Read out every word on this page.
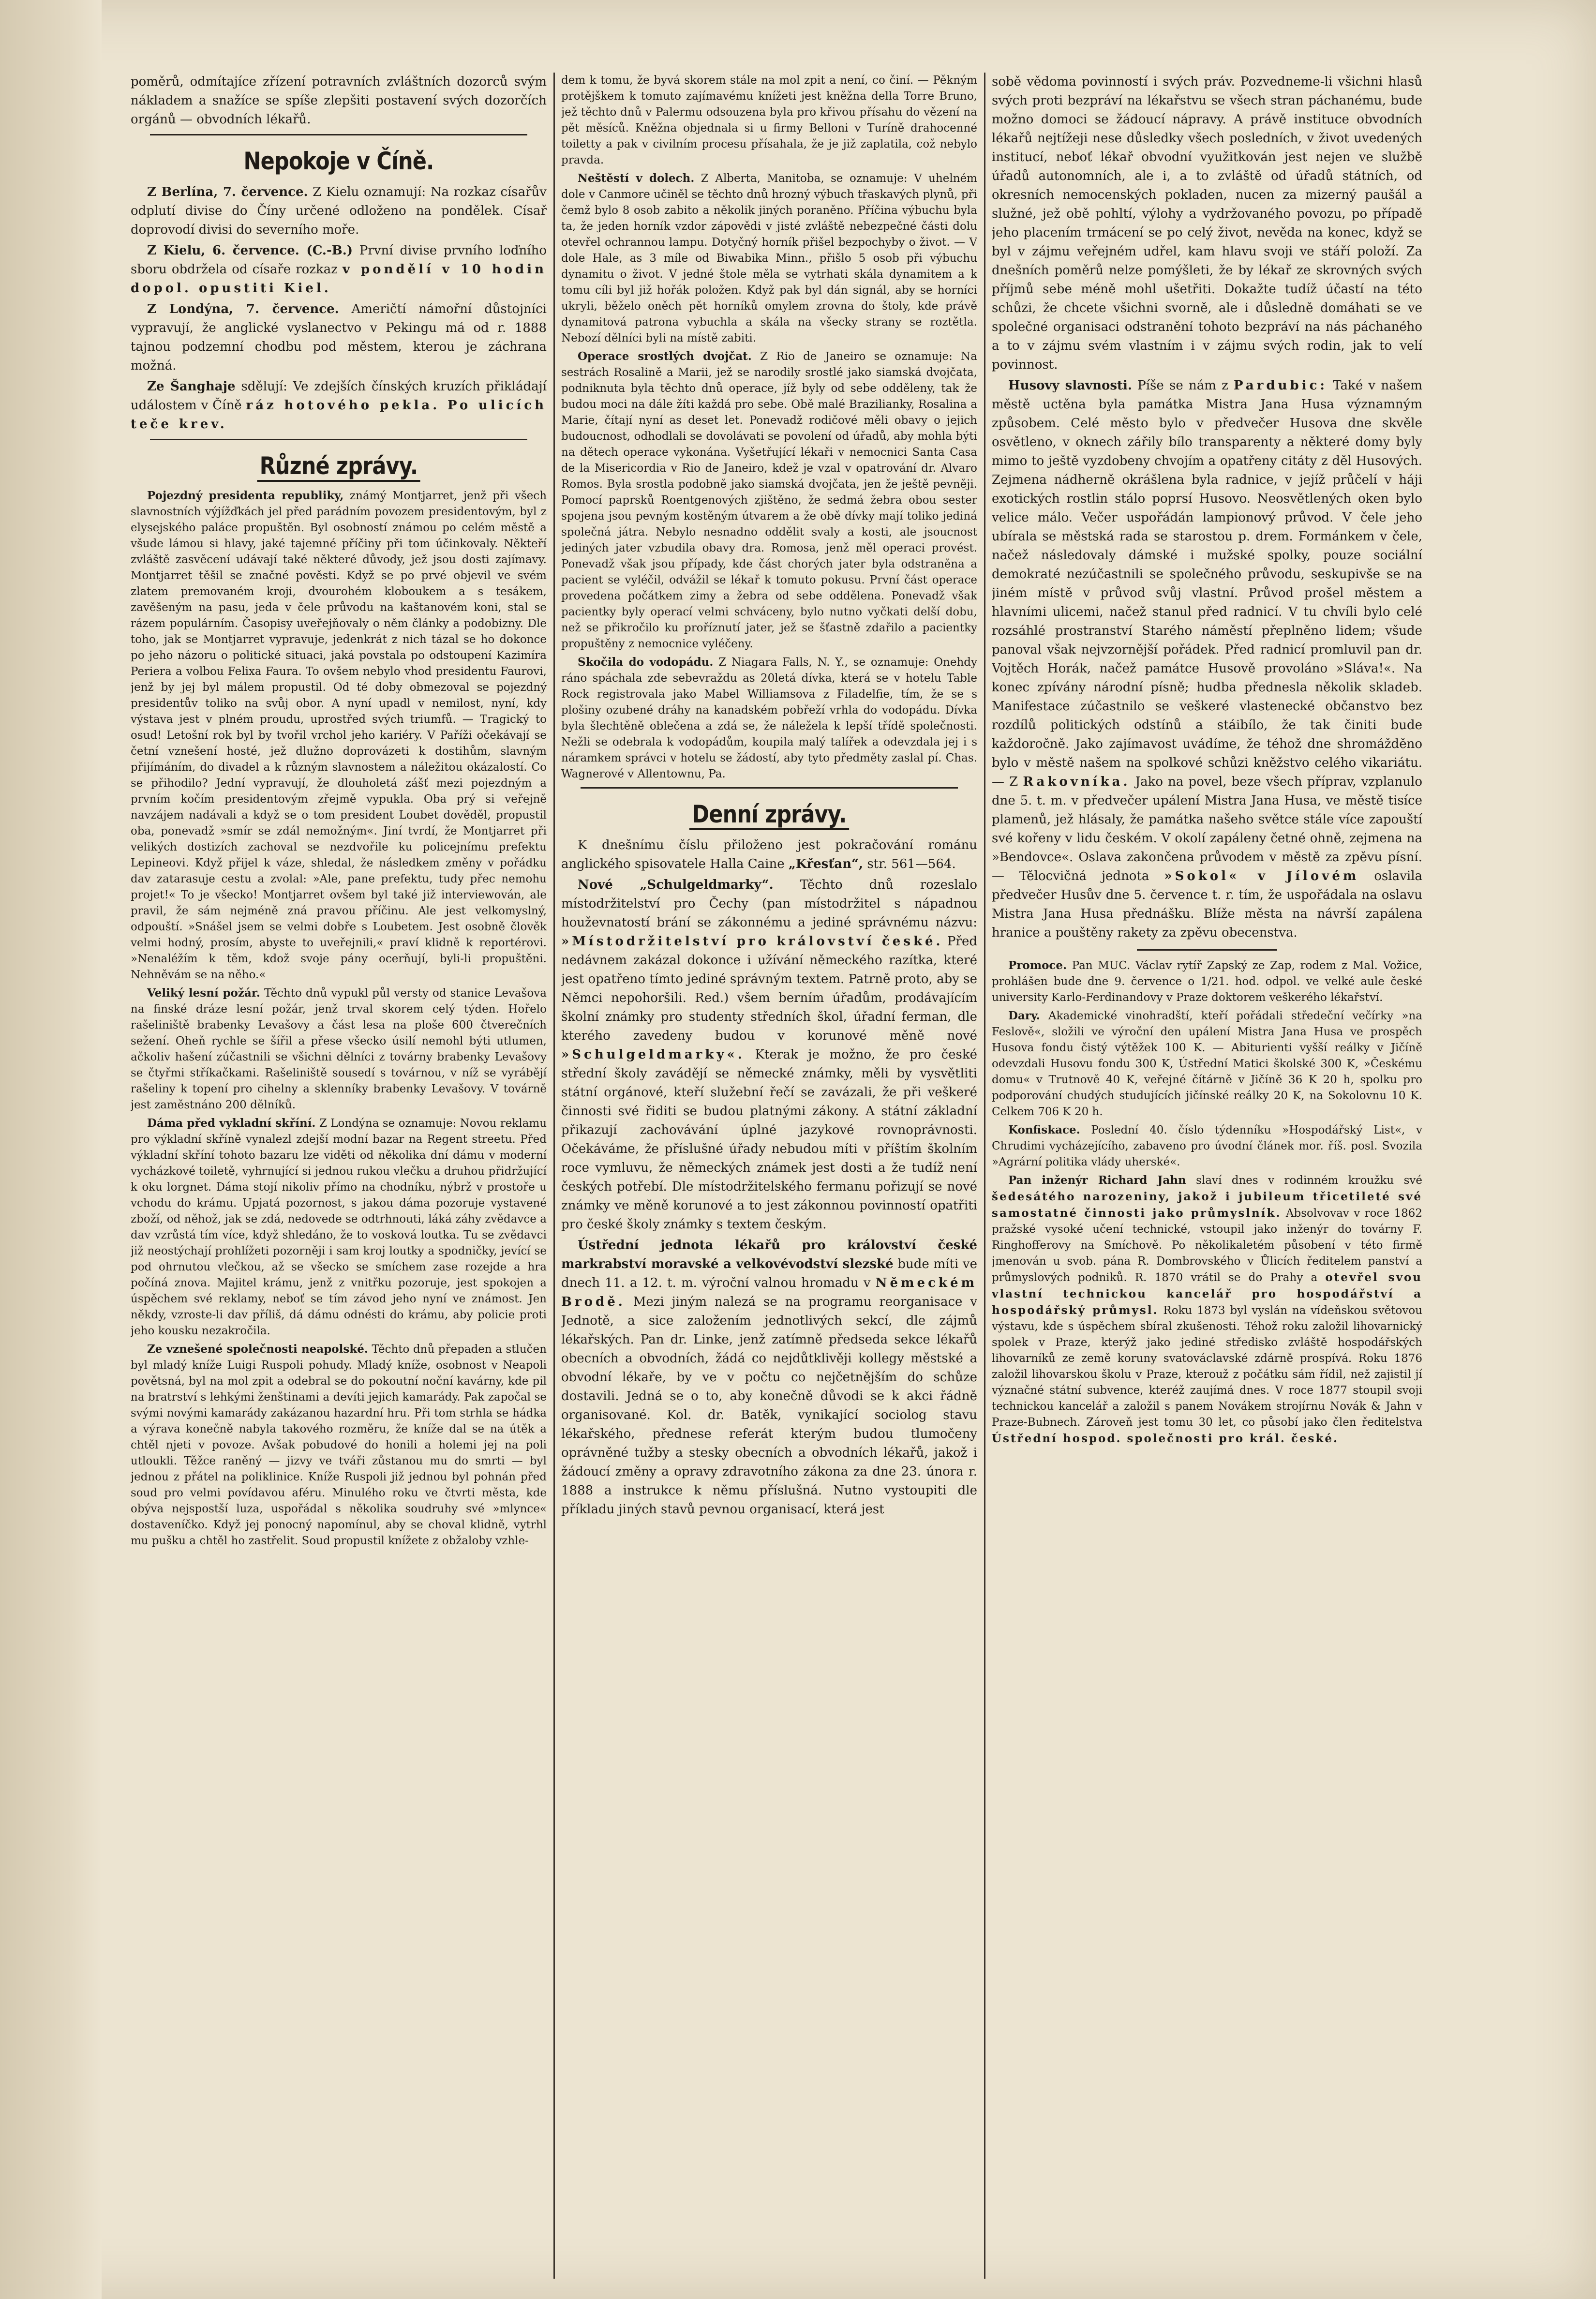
poměrů, odmítajíce zřízení potravních zvláštních dozorců svým nákladem a snažíce se spíše zlepšiti postavení svých dozorčích orgánů — obvodních lékařů.

Nepokoje v Číně.

Z Berlína, 7. července. Z Kielu oznamují: Na rozkaz císařův odplutí divise do Číny určené odloženo na pondělek. Císař doprovodí divisi do severního moře.

Z Kielu, 6. července. (C.-B.) První divise prvního loďního sboru obdržela od císaře rozkaz v pondělí v 10 hodin dopol. opustiti Kiel.

Z Londýna, 7. července. Američtí námořní důstojníci vypravují, že anglické vyslanectvo v Pekingu má od r. 1888 tajnou podzemní chodbu pod městem, kterou je záchrana možná.

Ze Šanghaje sdělují: Ve zdejších čínských kruzích přikládají událostem v Číně ráz hotového pekla. Po ulicích teče krev.

Různé zprávy.

Pojezdný presidenta republiky, známý Montjarret, jenž při všech slavnostních výjížďkách jel před parádním povozem presidentovým, byl z elysejského paláce propuštěn. Byl osobností známou po celém městě a všude lámou si hlavy, jaké tajemné příčiny při tom účinkovaly. Někteří zvláště zasvěcení udávají také některé důvody, jež jsou dosti zajímavy. Montjarret těšil se značné pověsti. Když se po prvé objevil ve svém zlatem premovaném kroji, dvourohém kloboukem a s tesákem, zavěšeným na pasu, jeda v čele průvodu na kaštanovém koni, stal se rázem populárním. Časopisy uveřejňovaly o něm články a podobizny. Dle toho, jak se Montjarret vypravuje, jedenkrát z nich tázal se ho dokonce po jeho názoru o politické situaci, jaká povstala po odstoupení Kazimíra Periera a volbou Felixa Faura. To ovšem nebylo vhod presidentu Faurovi, jenž by jej byl málem propustil. Od té doby obmezoval se pojezdný presidentův toliko na svůj obor. A nyní upadl v nemilost, nyní, kdy výstava jest v plném proudu, uprostřed svých triumfů. — Tragický to osud! Letošní rok byl by tvořil vrchol jeho kariéry. V Paříži očekávají se četní vznešení hosté, jež dlužno doprovázeti k dostihům, slavným přijímáním, do divadel a k různým slavnostem a náležitou okázalostí. Co se přihodilo? Jední vypravují, že dlouholetá zášť mezi pojezdným a prvním kočím presidentovým zřejmě vypukla. Oba prý si veřejně navzájem nadávali a když se o tom president Loubet dověděl, propustil oba, ponevadž »smír se zdál nemožným«. Jiní tvrdí, že Montjarret při velikých dostizích zachoval se nezdvořile ku policejnímu prefektu Lepineovi. Když přijel k váze, shledal, že následkem změny v pořádku dav zatarasuje cestu a zvolal: »Ale, pane prefektu, tudy přec nemohu projet!« To je všecko! Montjarret ovšem byl také již interviewován, ale pravil, že sám nejméně zná pravou příčinu. Ale jest velkomyslný, odpouští. »Snášel jsem se velmi dobře s Loubetem. Jest osobně člověk velmi hodný, prosím, abyste to uveřejnili,« praví klidně k reportérovi. »Nenaléžím k těm, kdož svoje pány ocerňují, byli-li propuštěni. Nehněvám se na něho.«

Veliký lesní požár. Těchto dnů vypukl půl versty od stanice Levašova na finské dráze lesní požár, jenž trval skorem celý týden. Hořelo rašeliniště brabenky Levašovy a část lesa na ploše 600 čtverečních sežení. Oheň rychle se šířil a přese všecko úsilí nemohl býti utlumen, ačkoliv hašení zúčastnili se všichni dělníci z továrny brabenky Levašovy se čtyřmi stříkačkami. Rašeliniště sousedí s továrnou, v níž se vyrábějí rašeliny k topení pro cihelny a sklenníky brabenky Levašovy. V továrně jest zaměstnáno 200 dělníků.

Dáma před vykladní skříní. Z Londýna se oznamuje: Novou reklamu pro výkladní skříně vynalezl zdejší modní bazar na Regent streetu. Před výkladní skříní tohoto bazaru lze viděti od několika dní dámu v moderní vycházkové toiletě, vyhrnující si jednou rukou vlečku a druhou přidržující k oku lorgnet. Dáma stojí nikoliv přímo na chodníku, nýbrž v prostoře u vchodu do krámu. Upjatá pozornost, s jakou dáma pozoruje vystavené zboží, od něhož, jak se zdá, nedovede se odtrhnouti, láká záhy zvědavce a dav vzrůstá tím více, když shledáno, že to vosková loutka. Tu se zvědavci již neostýchají prohlížeti pozorněji i sam kroj loutky a spodničky, jevící se pod ohrnutou vlečkou, až se všecko se smíchem zase rozejde a hra počíná znova. Majitel krámu, jenž z vnitřku pozoruje, jest spokojen a úspěchem své reklamy, neboť se tím závod jeho nyní ve známost. Jen někdy, vzroste-li dav příliš, dá dámu odnésti do krámu, aby policie proti jeho kousku nezakročila.

Ze vznešené společnosti neapolské. Těchto dnů přepaden a stlučen byl mladý kníže Luigi Ruspoli pohudy. Mladý kníže, osobnost v Neapoli povětsná, byl na mol zpit a odebral se do pokoutní noční kavárny, kde pil na bratrství s lehkými ženštinami a devíti jejich kamarády. Pak započal se svými novými kamarády zakázanou hazardní hru. Při tom strhla se hádka a výrava konečně nabyla takového rozměru, že kníže dal se na útěk a chtěl njeti v povoze. Avšak pobudové do honili a holemi jej na poli utloukli. Těžce raněný — jizvy ve tváři zůstanou mu do smrti — byl jednou z přátel na poliklinice. Kníže Ruspoli již jednou byl pohnán před soud pro velmi povídavou aféru. Minulého roku ve čtvrti města, kde obýva nejspostší luza, uspořádal s několika soudruhy své »mlynce« dostaveníčko. Když jej ponocný napomínul, aby se choval klidně, vytrhl mu pušku a chtěl ho zastřelit. Soud propustil knížete z obžaloby vzhle-

dem k tomu, že byvá skorem stále na mol zpit a není, co činí. — Pěkným protějškem k tomuto zajímavému knížeti jest kněžna della Torre Bruno, jež těchto dnů v Palermu odsouzena byla pro křivou přísahu do vězení na pět měsíců. Kněžna objednala si u firmy Belloni v Turíně drahocenné toiletty a pak v civilním procesu přísahala, že je již zaplatila, což nebylo pravda.

Neštěstí v dolech. Z Alberta, Manitoba, se oznamuje: V uhelném dole v Canmore učiněl se těchto dnů hrozný výbuch třaskavých plynů, při čemž bylo 8 osob zabito a několik jiných poraněno. Příčina výbuchu byla ta, že jeden horník vzdor zápovědi v jisté zvláště nebezpečné části dolu otevřel ochrannou lampu. Dotyčný horník přišel bezpochyby o život. — V dole Hale, as 3 míle od Biwabika Minn., přišlo 5 osob při výbuchu dynamitu o život. V jedné štole měla se vytrhati skála dynamitem a k tomu cíli byl již hořák položen. Když pak byl dán signál, aby se horníci ukryli, běželo oněch pět horníků omylem zrovna do štoly, kde právě dynamitová patrona vybuchla a skála na všecky strany se roztětla. Nebozí dělníci byli na místě zabiti.

Operace srostlých dvojčat. Z Rio de Janeiro se oznamuje: Na sestrách Rosalině a Marii, jež se narodily srostlé jako siamská dvojčata, podniknuta byla těchto dnů operace, jíž byly od sebe odděleny, tak že budou moci na dále žíti každá pro sebe. Obě malé Brazilianky, Rosalina a Marie, čítají nyní as deset let. Ponevadž rodičové měli obavy o jejich budoucnost, odhodlali se dovolávati se povolení od úřadů, aby mohla býti na dětech operace vykonána. Vyšetřující lékaři v nemocnici Santa Casa de la Misericordia v Rio de Janeiro, kdež je vzal v opatrování dr. Alvaro Romos. Byla srostla podobně jako siamská dvojčata, jen že ještě pevněji. Pomocí paprsků Roentgenových zjištěno, že sedmá žebra obou sester spojena jsou pevným kostěným útvarem a že obě dívky mají toliko jediná společná játra. Nebylo nesnadno oddělit svaly a kosti, ale jsoucnost jediných jater vzbudila obavy dra. Romosa, jenž měl operaci provést. Ponevadž však jsou případy, kde část chorých jater byla odstraněna a pacient se vyléčil, odvážil se lékař k tomuto pokusu. První část operace provedena počátkem zimy a žebra od sebe oddělena. Ponevadž však pacientky byly operací velmi schváceny, bylo nutno vyčkati delší dobu, než se přikročilo ku proříznutí jater, jež se šťastně zdařilo a pacientky propuštěny z nemocnice vyléčeny.

Skočila do vodopádu. Z Niagara Falls, N. Y., se oznamuje: Onehdy ráno spáchala zde sebevraždu as 20letá dívka, která se v hotelu Table Rock registrovala jako Mabel Williamsova z Filadelfie, tím, že se s plošiny ozubené dráhy na kanadském pobřeží vrhla do vodopádu. Dívka byla šlechtěně oblečena a zdá se, že náležela k lepší třídě společnosti. Nežli se odebrala k vodopádům, koupila malý talířek a odevzdala jej i s náramkem správci v hotelu se žádostí, aby tyto předměty zaslal pí. Chas. Wagnerové v Allentownu, Pa.

Denní zprávy.

K dnešnímu číslu přiloženo jest pokračování románu anglického spisovatele Halla Caine „Křesťan“, str. 561—564.

Nové „Schulgeldmarky“. Těchto dnů rozeslalo místodržitelství pro Čechy (pan místodržitel s nápadnou houževnatostí brání se zákonnému a jediné správnému názvu: »Místodržitelství pro království české. Před nedávnem zakázal dokonce i užívání německého razítka, které jest opatřeno tímto jediné správným textem. Patrně proto, aby se Němci nepohoršili. Red.) všem berním úřadům, prodávajícím školní známky pro studenty středních škol, úřadní ferman, dle kterého zavedeny budou v korunové měně nové »Schulgeldmarky«. Kterak je možno, že pro české střední školy zavádějí se německé známky, měli by vysvětliti státní orgánové, kteří služební řečí se zavázali, že při veškeré činnosti své řiditi se budou platnými zákony. A státní základní přikazují zachovávání úplné jazykové rovnoprávnosti. Očekáváme, že příslušné úřady nebudou míti v příštím školním roce vymluvu, že německých známek jest dosti a že tudíž není českých potřebí. Dle místodržitelského fermanu pořizují se nové známky ve měně korunové a to jest zákonnou povinností opatřiti pro české školy známky s textem českým.

Ústřední jednota lékařů pro království české markrabství moravské a velkovévodství slezské bude míti ve dnech 11. a 12. t. m. výroční valnou hromadu v Německém Brodě. Mezi jiným nalezá se na programu reorganisace v Jednotě, a sice založením jednotlivých sekcí, dle zájmů lékařských. Pan dr. Linke, jenž zatímně předseda sekce lékařů obecních a obvodních, žádá co nejdůtklivěji kollegy městské a obvodní lékaře, by ve v počtu co nejčetnějším do schůze dostavili. Jedná se o to, aby konečně důvodi se k akci řádně organisované. Kol. dr. Batěk, vynikající sociolog stavu lékařského, přednese referát kterým budou tlumočeny oprávněné tužby a stesky obecních a obvodních lékařů, jakož i žádoucí změny a opravy zdravotního zákona za dne 23. února r. 1888 a instrukce k němu příslušná. Nutno vystoupiti dle příkladu jiných stavů pevnou organisací, která jest

sobě vědoma povinností i svých práv. Pozvedneme-li všichni hlasů svých proti bezpráví na lékařstvu se všech stran páchanému, bude možno domoci se žádoucí nápravy. A právě instituce obvodních lékařů nejtížeji nese důsledky všech posledních, v život uvedených institucí, neboť lékař obvodní využitkován jest nejen ve službě úřadů autonomních, ale i, a to zvláště od úřadů státních, od okresních nemocenských pokladen, nucen za mizerný paušál a služné, jež obě pohltí, výlohy a vydržovaného povozu, po případě jeho placením trmácení se po celý život, nevěda na konec, když se byl v zájmu veřejném udřel, kam hlavu svoji ve stáří položí. Za dnešních poměrů nelze pomýšleti, že by lékař ze skrovných svých příjmů sebe méně mohl ušetřiti. Dokažte tudíž účastí na této schůzi, že chcete všichni svorně, ale i důsledně domáhati se ve společné organisaci odstranění tohoto bezpráví na nás páchaného a to v zájmu svém vlastním i v zájmu svých rodin, jak to velí povinnost.

Husovy slavnosti. Píše se nám z Pardubic: Také v našem městě uctěna byla památka Mistra Jana Husa významným způsobem. Celé město bylo v předvečer Husova dne skvěle osvětleno, v oknech zářily bílo transparenty a některé domy byly mimo to ještě vyzdobeny chvojím a opatřeny citáty z děl Husových. Zejmena nádherně okrášlena byla radnice, v jejíž průčelí v háji exotických rostlin stálo poprsí Husovo. Neosvětlených oken bylo velice málo. Večer uspořádán lampionový průvod. V čele jeho ubírala se městská rada se starostou p. drem. Formánkem v čele, načež následovaly dámské i mužské spolky, pouze sociální demokraté nezúčastnili se společného průvodu, seskupivše se na jiném místě v průvod svůj vlastní. Průvod prošel městem a hlavními ulicemi, načež stanul před radnicí. V tu chvíli bylo celé rozsáhlé prostranství Starého náměstí přeplněno lidem; všude panoval však nejvzornější pořádek. Před radnicí promluvil pan dr. Vojtěch Horák, načež památce Husově provoláno »Sláva!«. Na konec zpívány národní písně; hudba přednesla několik skladeb. Manifestace zúčastnilo se veškeré vlastenecké občanstvo bez rozdílů politických odstínů a stáibílo, že tak činiti bude každoročně. Jako zajímavost uvádíme, že téhož dne shromážděno bylo v městě našem na spolkové schůzi kněžstvo celého vikariátu. — Z Rakovníka. Jako na povel, beze všech příprav, vzplanulo dne 5. t. m. v předvečer upálení Mistra Jana Husa, ve městě tisíce plamenů, jež hlásaly, že památka našeho světce stále více zapouští své kořeny v lidu českém. V okolí zapáleny četné ohně, zejmena na »Bendovce«. Oslava zakončena průvodem v městě za zpěvu písní. — Tělocvičná jednota »Sokol« v Jílovém oslavila předvečer Husův dne 5. července t. r. tím, že uspořádala na oslavu Mistra Jana Husa přednášku. Blíže města na návrší zapálena hranice a pouštěny rakety za zpěvu obecenstva.

Promoce. Pan MUC. Václav rytíř Zapský ze Zap, rodem z Mal. Vožice, prohlášen bude dne 9. července o 1/21. hod. odpol. ve velké aule české university Karlo-Ferdinandovy v Praze doktorem veškerého lékařství.

Dary. Akademické vinohradští, kteří pořádali středeční večírky »na Feslově«, složili ve výroční den upálení Mistra Jana Husa ve prospěch Husova fondu čistý výtěžek 100 K. — Abiturienti vyšší reálky v Jičíně odevzdali Husovu fondu 300 K, Ústřední Matici školské 300 K, »Českému domu« v Trutnově 40 K, veřejné čítárně v Jičíně 36 K 20 h, spolku pro podporování chudých studujících jičínské reálky 20 K, na Sokolovnu 10 K. Celkem 706 K 20 h.

Konfiskace. Poslední 40. číslo týdenníku »Hospodářský List«, v Chrudimi vycházejícího, zabaveno pro úvodní článek mor. říš. posl. Svozila »Agrární politika vlády uherské«.

Pan inženýr Richard Jahn slaví dnes v rodinném kroužku své šedesátého narozeniny, jakož i jubileum třicetileté své samostatné činnosti jako průmyslník. Absolvovav v roce 1862 pražské vysoké učení technické, vstoupil jako inženýr do továrny F. Ringhofferovy na Smíchově. Po několikaletém působení v této firmě jmenován u svob. pána R. Dombrovského v Ůlicích ředitelem panství a průmyslových podniků. R. 1870 vrátil se do Prahy a otevřel svou vlastní technickou kancelář pro hospodářství a hospodářský průmysl. Roku 1873 byl vyslán na vídeňskou světovou výstavu, kde s úspěchem sbíral zkušenosti. Téhož roku založil lihovarnický spolek v Praze, kterýž jako jediné středisko zvláště hospodářských lihovarníků ze země koruny svatováclavské zdárně prospívá. Roku 1876 založil lihovarskou školu v Praze, kterouž z počátku sám řídil, než zajistil jí význačné státní subvence, kteréž zaujímá dnes. V roce 1877 stoupil svoji technickou kancelář a založil s panem Novákem strojírnu Novák & Jahn v Praze-Bubnech. Zároveň jest tomu 30 let, co působí jako člen ředitelstva Ústřední hospod. společnosti pro král. české.
